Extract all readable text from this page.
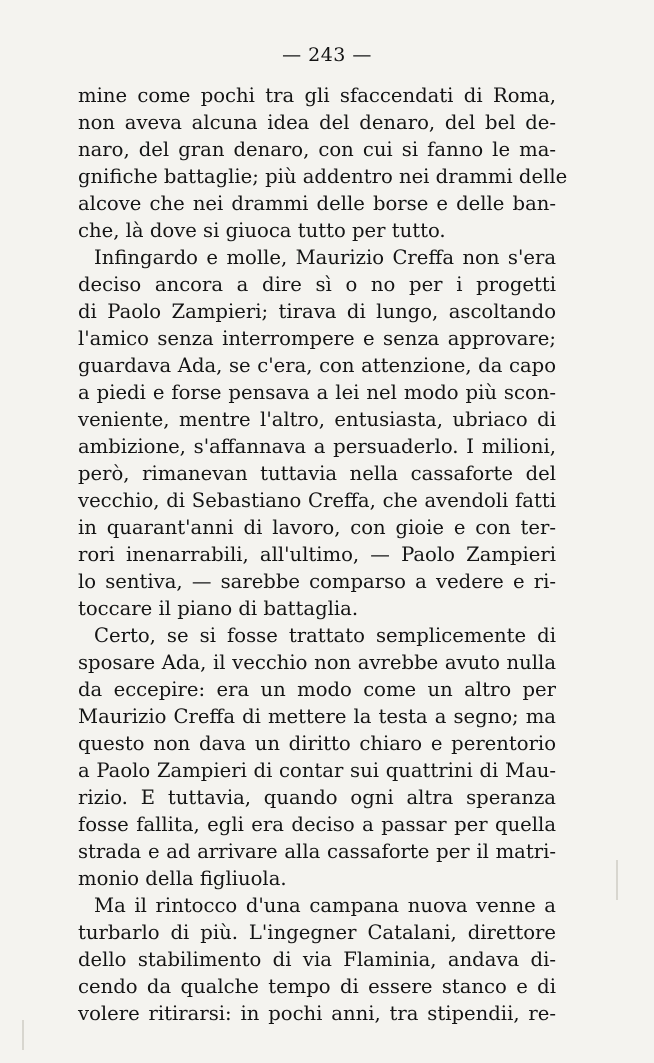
— 243 —
mine come pochi tra gli sfaccendati di Roma,
non aveva alcuna idea del denaro, del bel de-
naro, del gran denaro, con cui si fanno le ma-
gnifiche battaglie; più addentro nei drammi delle
alcove che nei drammi delle borse e delle ban-
che, là dove si giuoca tutto per tutto.
Infingardo e molle, Maurizio Creffa non s'era
deciso ancora a dire sì o no per i progetti
di Paolo Zampieri; tirava di lungo, ascoltando
l'amico senza interrompere e senza approvare;
guardava Ada, se c'era, con attenzione, da capo
a piedi e forse pensava a lei nel modo più scon-
veniente, mentre l'altro, entusiasta, ubriaco di
ambizione, s'affannava a persuaderlo. I milioni,
però, rimanevan tuttavia nella cassaforte del
vecchio, di Sebastiano Creffa, che avendoli fatti
in quarant'anni di lavoro, con gioie e con ter-
rori inenarrabili, all'ultimo, — Paolo Zampieri
lo sentiva, — sarebbe comparso a vedere e ri-
toccare il piano di battaglia.
Certo, se si fosse trattato semplicemente di
sposare Ada, il vecchio non avrebbe avuto nulla
da eccepire: era un modo come un altro per
Maurizio Creffa di mettere la testa a segno; ma
questo non dava un diritto chiaro e perentorio
a Paolo Zampieri di contar sui quattrini di Mau-
rizio. E tuttavia, quando ogni altra speranza
fosse fallita, egli era deciso a passar per quella
strada e ad arrivare alla cassaforte per il matri-
monio della figliuola.
Ma il rintocco d'una campana nuova venne a
turbarlo di più. L'ingegner Catalani, direttore
dello stabilimento di via Flaminia, andava di-
cendo da qualche tempo di essere stanco e di
volere ritirarsi: in pochi anni, tra stipendii, re-
